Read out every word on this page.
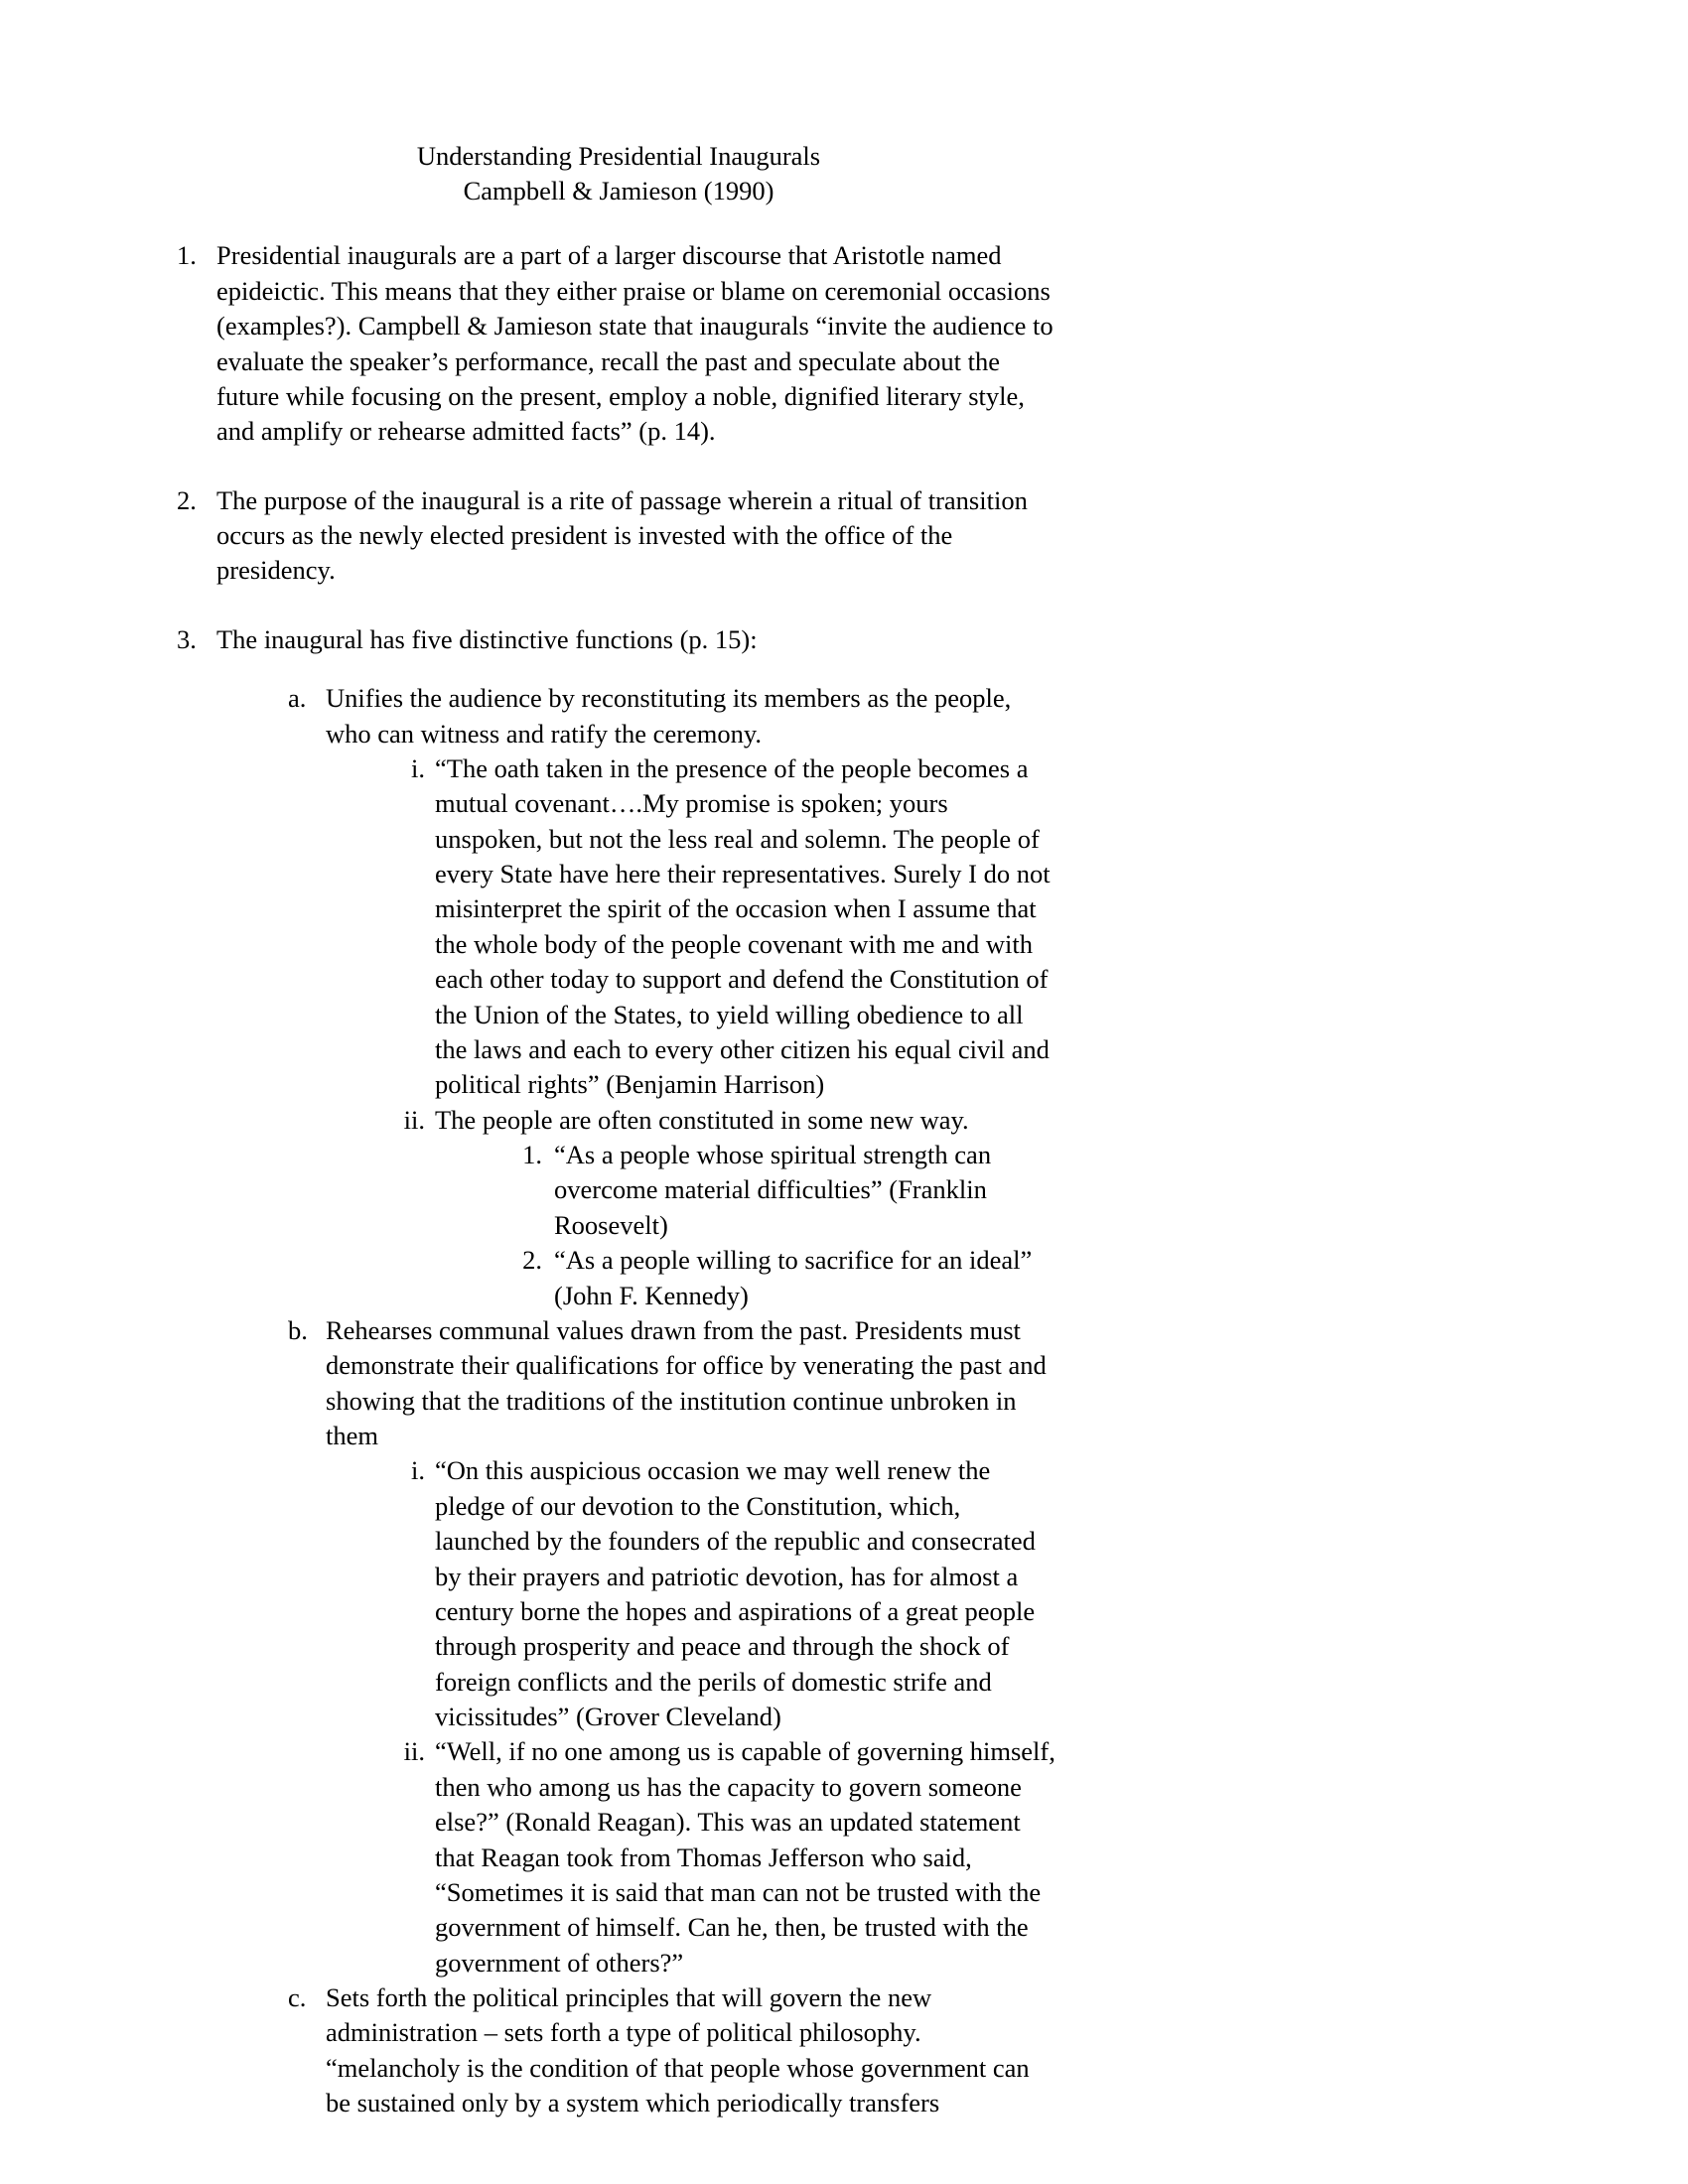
Understanding Presidential Inaugurals
Campbell & Jamieson (1990)
1. Presidential inaugurals are a part of a larger discourse that Aristotle named epideictic. This means that they either praise or blame on ceremonial occasions (examples?). Campbell & Jamieson state that inaugurals “invite the audience to evaluate the speaker’s performance, recall the past and speculate about the future while focusing on the present, employ a noble, dignified literary style, and amplify or rehearse admitted facts” (p. 14).
2. The purpose of the inaugural is a rite of passage wherein a ritual of transition occurs as the newly elected president is invested with the office of the presidency.
3. The inaugural has five distinctive functions (p. 15):
a. Unifies the audience by reconstituting its members as the people, who can witness and ratify the ceremony.
i. “The oath taken in the presence of the people becomes a mutual covenant….My promise is spoken; yours unspoken, but not the less real and solemn. The people of every State have here their representatives. Surely I do not misinterpret the spirit of the occasion when I assume that the whole body of the people covenant with me and with each other today to support and defend the Constitution of the Union of the States, to yield willing obedience to all the laws and each to every other citizen his equal civil and political rights” (Benjamin Harrison)
ii. The people are often constituted in some new way.
1. “As a people whose spiritual strength can overcome material difficulties” (Franklin Roosevelt)
2. “As a people willing to sacrifice for an ideal” (John F. Kennedy)
b. Rehearses communal values drawn from the past. Presidents must demonstrate their qualifications for office by venerating the past and showing that the traditions of the institution continue unbroken in them
i. “On this auspicious occasion we may well renew the pledge of our devotion to the Constitution, which, launched by the founders of the republic and consecrated by their prayers and patriotic devotion, has for almost a century borne the hopes and aspirations of a great people through prosperity and peace and through the shock of foreign conflicts and the perils of domestic strife and vicissitudes” (Grover Cleveland)
ii. “Well, if no one among us is capable of governing himself, then who among us has the capacity to govern someone else?” (Ronald Reagan). This was an updated statement that Reagan took from Thomas Jefferson who said, “Sometimes it is said that man can not be trusted with the government of himself. Can he, then, be trusted with the government of others?”
c. Sets forth the political principles that will govern the new administration – sets forth a type of political philosophy. “melancholy is the condition of that people whose government can be sustained only by a system which periodically transfers
